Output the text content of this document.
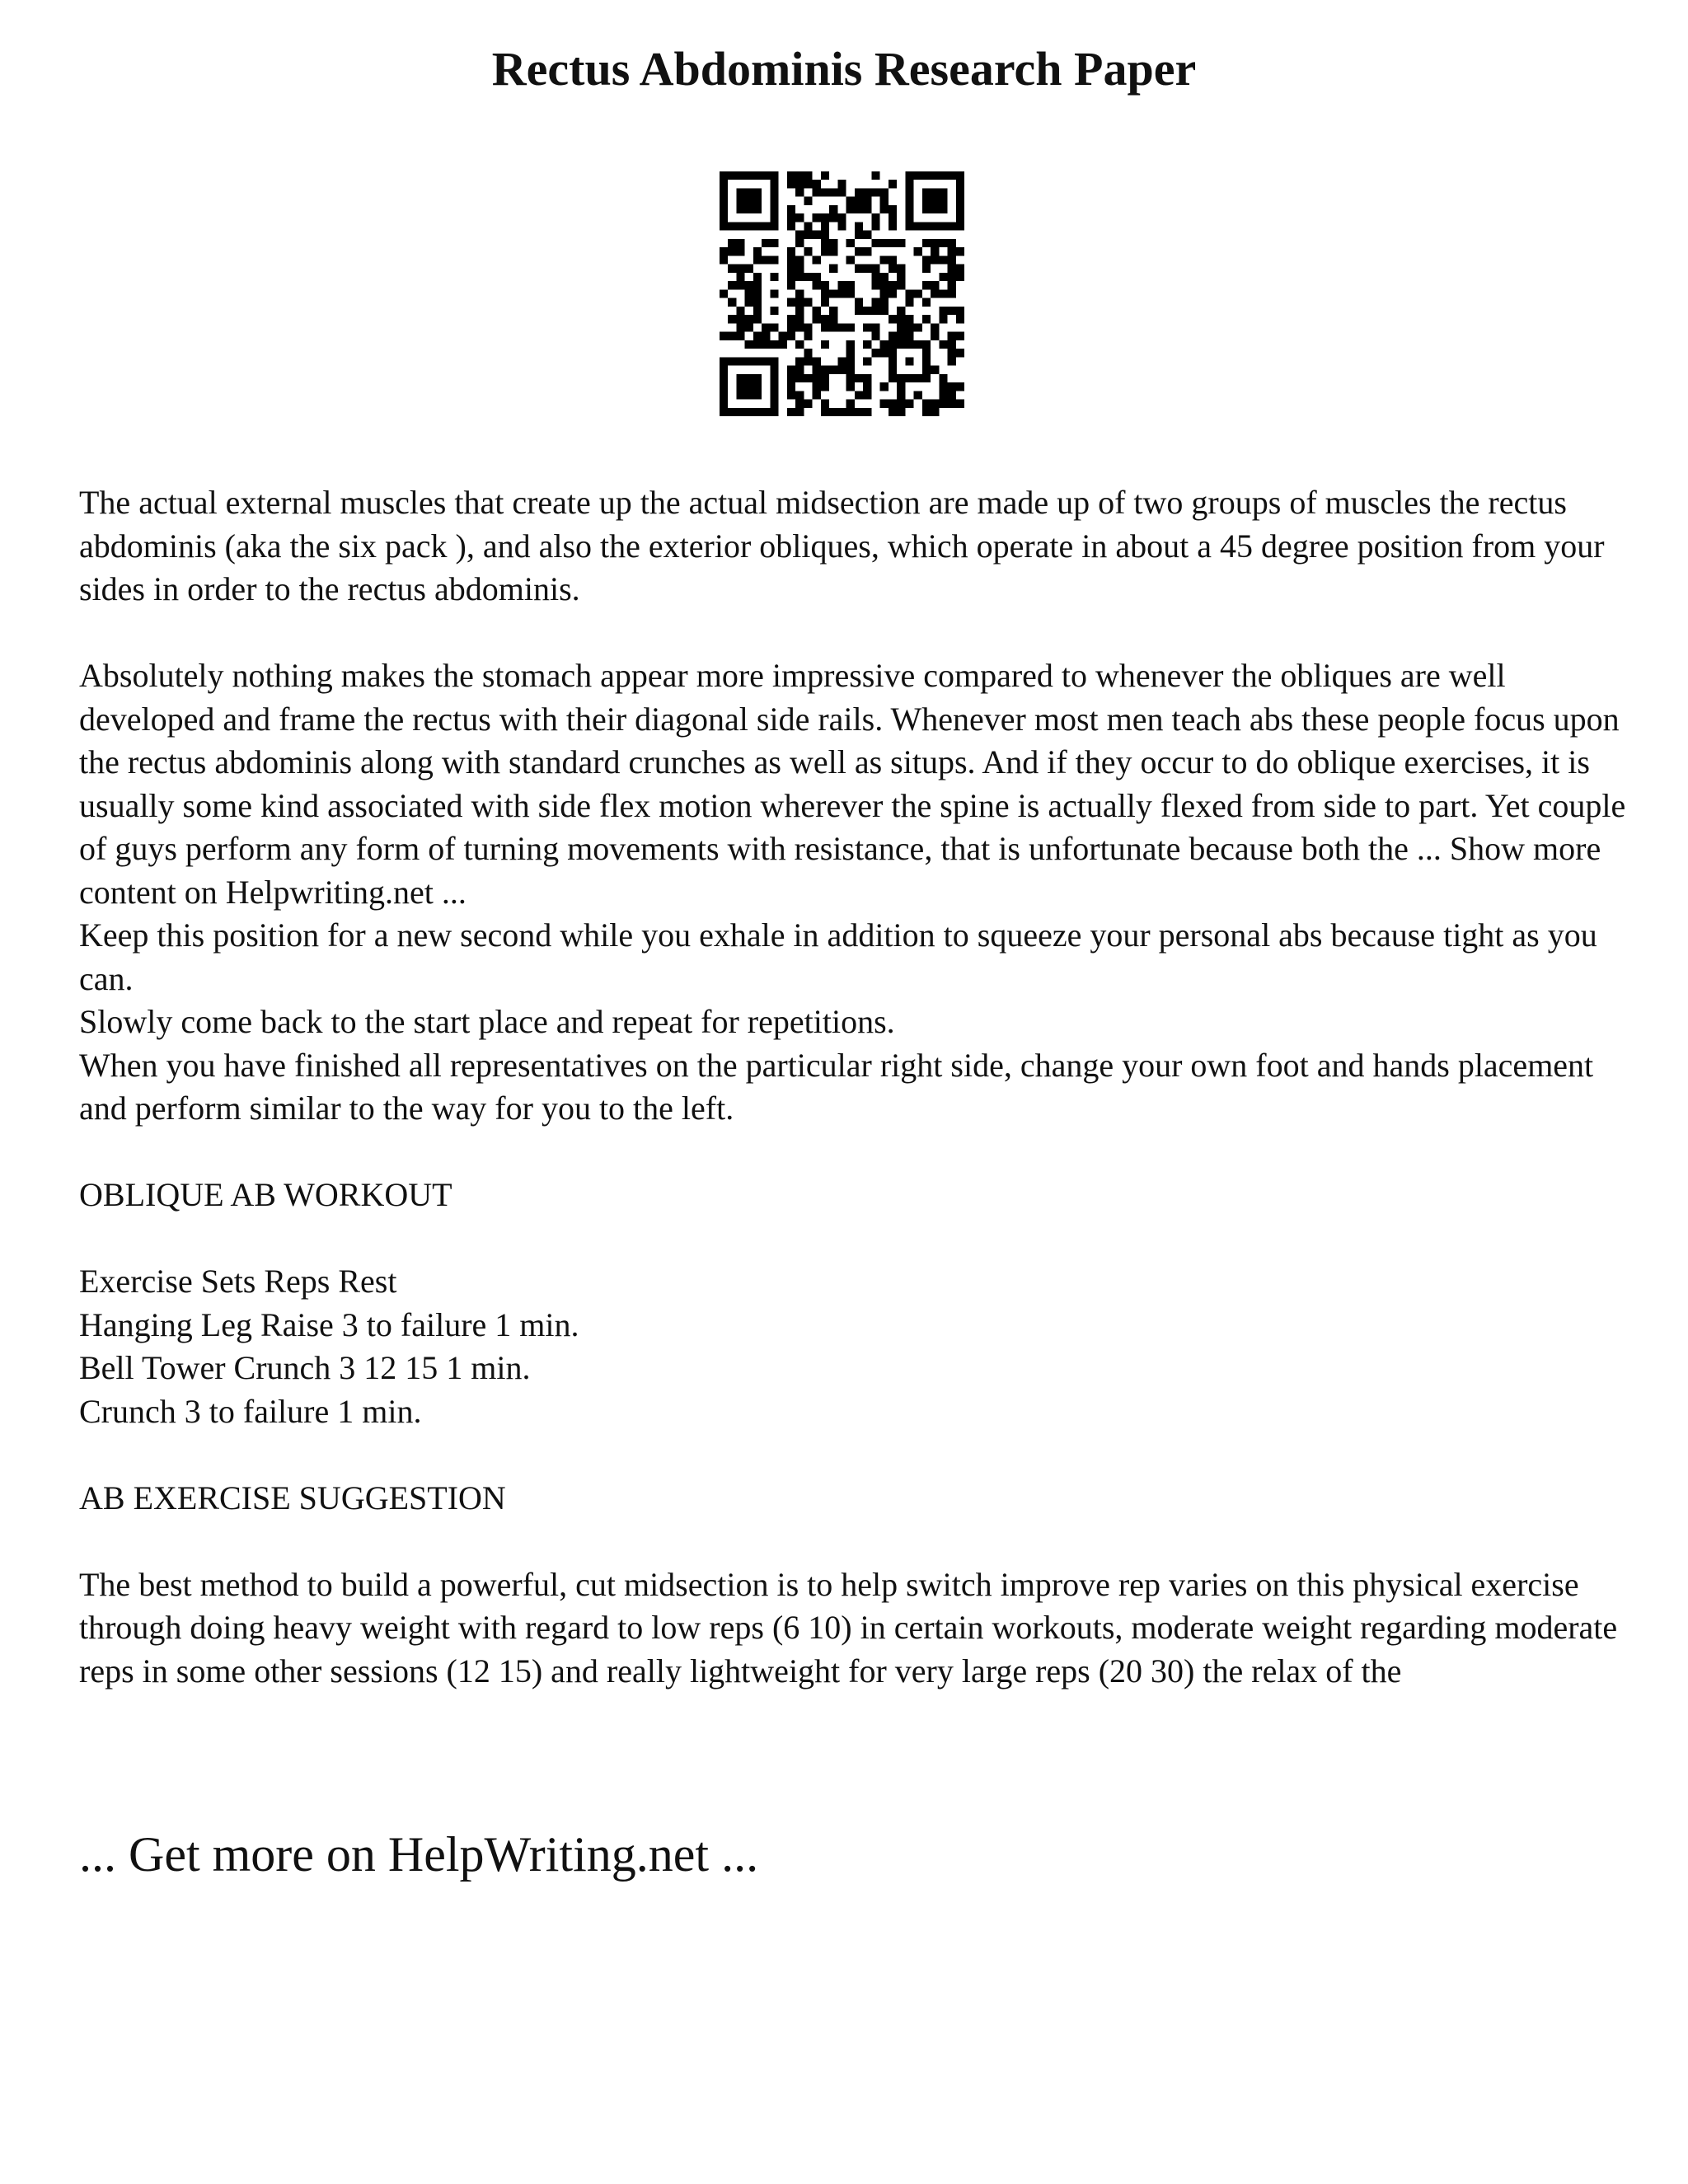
Rectus Abdominis Research Paper

The actual external muscles that create up the actual midsection are made up of two groups of muscles the rectus abdominis (aka the six pack ), and also the exterior obliques, which operate in about a 45 degree position from your sides in order to the rectus abdominis.

Absolutely nothing makes the stomach appear more impressive compared to whenever the obliques are well developed and frame the rectus with their diagonal side rails. Whenever most men teach abs these people focus upon the rectus abdominis along with standard crunches as well as situps. And if they occur to do oblique exercises, it is usually some kind associated with side flex motion wherever the spine is actually flexed from side to part. Yet couple of guys perform any form of turning movements with resistance, that is unfortunate because both the ... Show more content on Helpwriting.net ...

Keep this position for a new second while you exhale in addition to squeeze your personal abs because tight as you can.

Slowly come back to the start place and repeat for repetitions.

When you have finished all representatives on the particular right side, change your own foot and hands placement and perform similar to the way for you to the left.

OBLIQUE AB WORKOUT

Exercise Sets Reps Rest

Hanging Leg Raise 3 to failure 1 min.

Bell Tower Crunch 3 12 15 1 min.

Crunch 3 to failure 1 min.

AB EXERCISE SUGGESTION

The best method to build a powerful, cut midsection is to help switch improve rep varies on this physical exercise through doing heavy weight with regard to low reps (6 10) in certain workouts, moderate weight regarding moderate reps in some other sessions (12 15) and really lightweight for very large reps (20 30) the relax of the

... Get more on HelpWriting.net ...
